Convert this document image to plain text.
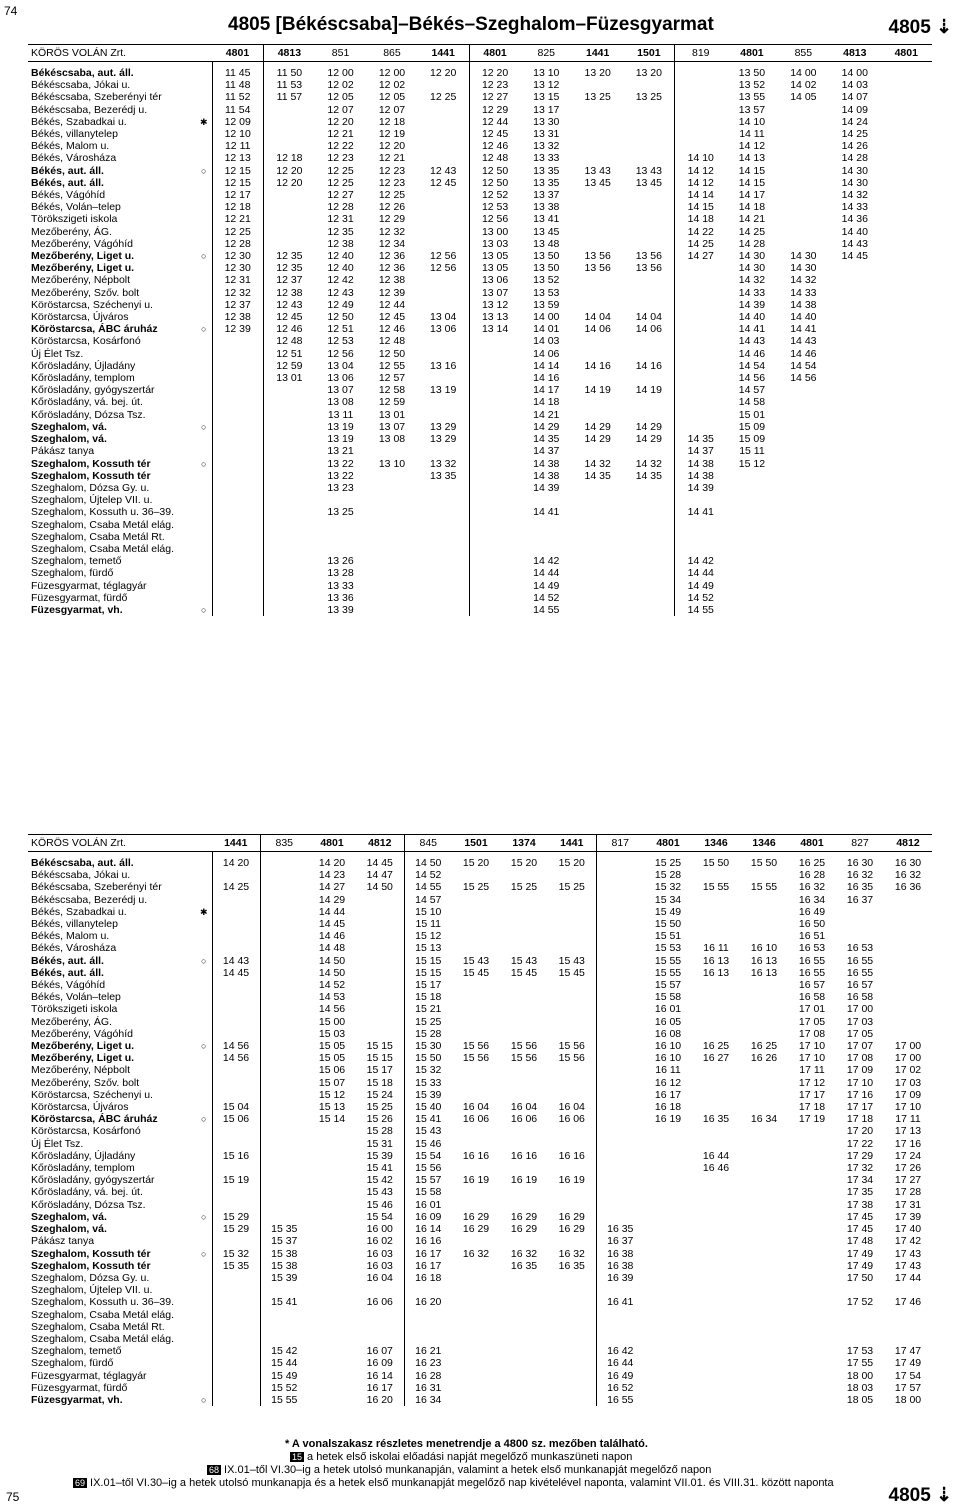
74
4805 [Békéscsaba]–Békés–Szeghalom–Füzesgyarmat	4805 ⇣
KÖRÖS VOLÁN Zrt.		4801	4813	851	865	1441	4801	825	1441	1501	819	4801	855	4813	4801
Békéscsaba, aut. áll.		11 45	11 50	12 00	12 00	12 20	12 20	13 10	13 20	13 20		13 50	14 00	14 00	
Békéscsaba, Jókai u.		11 48	11 53	12 02	12 02		12 23	13 12				13 52	14 02	14 03	
Békéscsaba, Szeberényi tér		11 52	11 57	12 05	12 05	12 25	12 27	13 15	13 25	13 25		13 55	14 05	14 07	
Békéscsaba, Bezerédj u.		11 54		12 07	12 07		12 29	13 17				13 57		14 09	
Békés, Szabadkai u.	✱	12 09		12 20	12 18		12 44	13 30				14 10		14 24	
Békés, villanytelep		12 10		12 21	12 19		12 45	13 31				14 11		14 25	
Békés, Malom u.		12 11		12 22	12 20		12 46	13 32				14 12		14 26	
Békés, Városháza		12 13	12 18	12 23	12 21		12 48	13 33			14 10	14 13		14 28	
Békés, aut. áll.	○	12 15	12 20	12 25	12 23	12 43	12 50	13 35	13 43	13 43	14 12	14 15		14 30	
Békés, aut. áll.		12 15	12 20	12 25	12 23	12 45	12 50	13 35	13 45	13 45	14 12	14 15		14 30	
Békés, Vágóhíd		12 17		12 27	12 25		12 52	13 37			14 14	14 17		14 32	
Békés, Volán–telep		12 18		12 28	12 26		12 53	13 38			14 15	14 18		14 33	
Törökszigeti iskola		12 21		12 31	12 29		12 56	13 41			14 18	14 21		14 36	
Mezőberény, ÁG.		12 25		12 35	12 32		13 00	13 45			14 22	14 25		14 40	
Mezőberény, Vágóhíd		12 28		12 38	12 34		13 03	13 48			14 25	14 28		14 43	
Mezőberény, Liget u.	○	12 30	12 35	12 40	12 36	12 56	13 05	13 50	13 56	13 56	14 27	14 30	14 30	14 45	
Mezőberény, Liget u.		12 30	12 35	12 40	12 36	12 56	13 05	13 50	13 56	13 56		14 30	14 30		
Mezőberény, Népbolt		12 31	12 37	12 42	12 38		13 06	13 52				14 32	14 32		
Mezőberény, Szőv. bolt		12 32	12 38	12 43	12 39		13 07	13 53				14 33	14 33		
Köröstarcsa, Széchenyi u.		12 37	12 43	12 49	12 44		13 12	13 59				14 39	14 38		
Köröstarcsa, Újváros		12 38	12 45	12 50	12 45	13 04	13 13	14 00	14 04	14 04		14 40	14 40		
Köröstarcsa, ÁBC áruház	○	12 39	12 46	12 51	12 46	13 06	13 14	14 01	14 06	14 06		14 41	14 41		
Köröstarcsa, Kosárfonó			12 48	12 53	12 48			14 03				14 43	14 43		
Új Élet Tsz.			12 51	12 56	12 50			14 06				14 46	14 46		
Kőrösladány, Újladány			12 59	13 04	12 55	13 16		14 14	14 16	14 16		14 54	14 54		
Kőrösladány, templom			13 01	13 06	12 57			14 16				14 56	14 56		
Kőrösladány, gyógyszertár				13 07	12 58	13 19		14 17	14 19	14 19		14 57			
Kőrösladány, vá. bej. út.				13 08	12 59			14 18				14 58			
Kőrösladány, Dózsa Tsz.				13 11	13 01			14 21				15 01			
Szeghalom, vá.	○			13 19	13 07	13 29		14 29	14 29	14 29		15 09			
Szeghalom, vá.				13 19	13 08	13 29		14 35	14 29	14 29	14 35	15 09			
Pákász tanya				13 21				14 37			14 37	15 11			
Szeghalom, Kossuth tér	○			13 22	13 10	13 32		14 38	14 32	14 32	14 38	15 12			
Szeghalom, Kossuth tér				13 22		13 35		14 38	14 35	14 35	14 38				
Szeghalom, Dózsa Gy. u.				13 23				14 39			14 39				
Szeghalom, Újtelep VII. u.															
Szeghalom, Kossuth u. 36–39.				13 25				14 41			14 41				
Szeghalom, Csaba Metál elág.															
Szeghalom, Csaba Metál Rt.															
Szeghalom, Csaba Metál elág.															
Szeghalom, temető				13 26				14 42			14 42				
Szeghalom, fürdő				13 28				14 44			14 44				
Füzesgyarmat, téglagyár				13 33				14 49			14 49				
Füzesgyarmat, fürdő				13 36				14 52			14 52				
Füzesgyarmat, vh.	○			13 39				14 55			14 55				
KÖRÖS VOLÁN Zrt.		1441	835	4801	4812	845	1501	1374	1441	817	4801	1346	1346	4801	827	4812
Békéscsaba, aut. áll.		14 20		14 20	14 45	14 50	15 20	15 20	15 20		15 25	15 50	15 50	16 25	16 30	16 30
Békéscsaba, Jókai u.				14 23	14 47	14 52					15 28			16 28	16 32	16 32
Békéscsaba, Szeberényi tér		14 25		14 27	14 50	14 55	15 25	15 25	15 25		15 32	15 55	15 55	16 32	16 35	16 36
Békéscsaba, Bezerédj u.				14 29		14 57					15 34			16 34	16 37	
Békés, Szabadkai u.	✱			14 44		15 10					15 49			16 49		
Békés, villanytelep				14 45		15 11					15 50			16 50		
Békés, Malom u.				14 46		15 12					15 51			16 51		
Békés, Városháza				14 48		15 13					15 53	16 11	16 10	16 53	16 53	
Békés, aut. áll.	○	14 43		14 50		15 15	15 43	15 43	15 43		15 55	16 13	16 13	16 55	16 55	
Békés, aut. áll.		14 45		14 50		15 15	15 45	15 45	15 45		15 55	16 13	16 13	16 55	16 55	
Békés, Vágóhíd				14 52		15 17					15 57			16 57	16 57	
Békés, Volán–telep				14 53		15 18					15 58			16 58	16 58	
Törökszigeti iskola				14 56		15 21					16 01			17 01	17 00	
Mezőberény, ÁG.				15 00		15 25					16 05			17 05	17 03	
Mezőberény, Vágóhíd				15 03		15 28					16 08			17 08	17 05	
Mezőberény, Liget u.	○	14 56		15 05	15 15	15 30	15 56	15 56	15 56		16 10	16 25	16 25	17 10	17 07	17 00
Mezőberény, Liget u.		14 56		15 05	15 15	15 50	15 56	15 56	15 56		16 10	16 27	16 26	17 10	17 08	17 00
Mezőberény, Népbolt				15 06	15 17	15 32					16 11			17 11	17 09	17 02
Mezőberény, Szőv. bolt				15 07	15 18	15 33					16 12			17 12	17 10	17 03
Köröstarcsa, Széchenyi u.				15 12	15 24	15 39					16 17			17 17	17 16	17 09
Köröstarcsa, Újváros		15 04		15 13	15 25	15 40	16 04	16 04	16 04		16 18			17 18	17 17	17 10
Köröstarcsa, ÁBC áruház	○	15 06		15 14	15 26	15 41	16 06	16 06	16 06		16 19	16 35	16 34	17 19	17 18	17 11
Köröstarcsa, Kosárfonó					15 28	15 43									17 20	17 13
Új Élet Tsz.					15 31	15 46									17 22	17 16
Kőrösladány, Újladány		15 16			15 39	15 54	16 16	16 16	16 16			16 44			17 29	17 24
Kőrösladány, templom					15 41	15 56						16 46			17 32	17 26
Kőrösladány, gyógyszertár		15 19			15 42	15 57	16 19	16 19	16 19						17 34	17 27
Kőrösladány, vá. bej. út.					15 43	15 58									17 35	17 28
Kőrösladány, Dózsa Tsz.					15 46	16 01									17 38	17 31
Szeghalom, vá.	○	15 29			15 54	16 09	16 29	16 29	16 29						17 45	17 39
Szeghalom, vá.		15 29	15 35		16 00	16 14	16 29	16 29	16 29	16 35					17 45	17 40
Pákász tanya			15 37		16 02	16 16				16 37					17 48	17 42
Szeghalom, Kossuth tér	○	15 32	15 38		16 03	16 17	16 32	16 32	16 32	16 38					17 49	17 43
Szeghalom, Kossuth tér		15 35	15 38		16 03	16 17		16 35	16 35	16 38					17 49	17 43
Szeghalom, Dózsa Gy. u.			15 39		16 04	16 18				16 39					17 50	17 44
Szeghalom, Újtelep VII. u.																
Szeghalom, Kossuth u. 36–39.			15 41		16 06	16 20				16 41					17 52	17 46
Szeghalom, Csaba Metál elág.																
Szeghalom, Csaba Metál Rt.																
Szeghalom, Csaba Metál elág.																
Szeghalom, temető			15 42		16 07	16 21				16 42					17 53	17 47
Szeghalom, fürdő			15 44		16 09	16 23				16 44					17 55	17 49
Füzesgyarmat, téglagyár			15 49		16 14	16 28				16 49					18 00	17 54
Füzesgyarmat, fürdő			15 52		16 17	16 31				16 52					18 03	17 57
Füzesgyarmat, vh.	○		15 55		16 20	16 34				16 55					18 05	18 00
* A vonalszakasz részletes menetrendje a 4800 sz. mezőben található.
15 a hetek első iskolai előadási napját megelőző munkaszüneti napon
68 IX.01–től VI.30–ig a hetek utolsó munkanapján, valamint a hetek első munkanapját megelőző napon
69 IX.01–től VI.30–ig a hetek utolsó munkanapja és a hetek első munkanapját megelőző nap kivételével naponta, valamint VII.01. és VIII.31. között naponta
75	4805 ⇣
